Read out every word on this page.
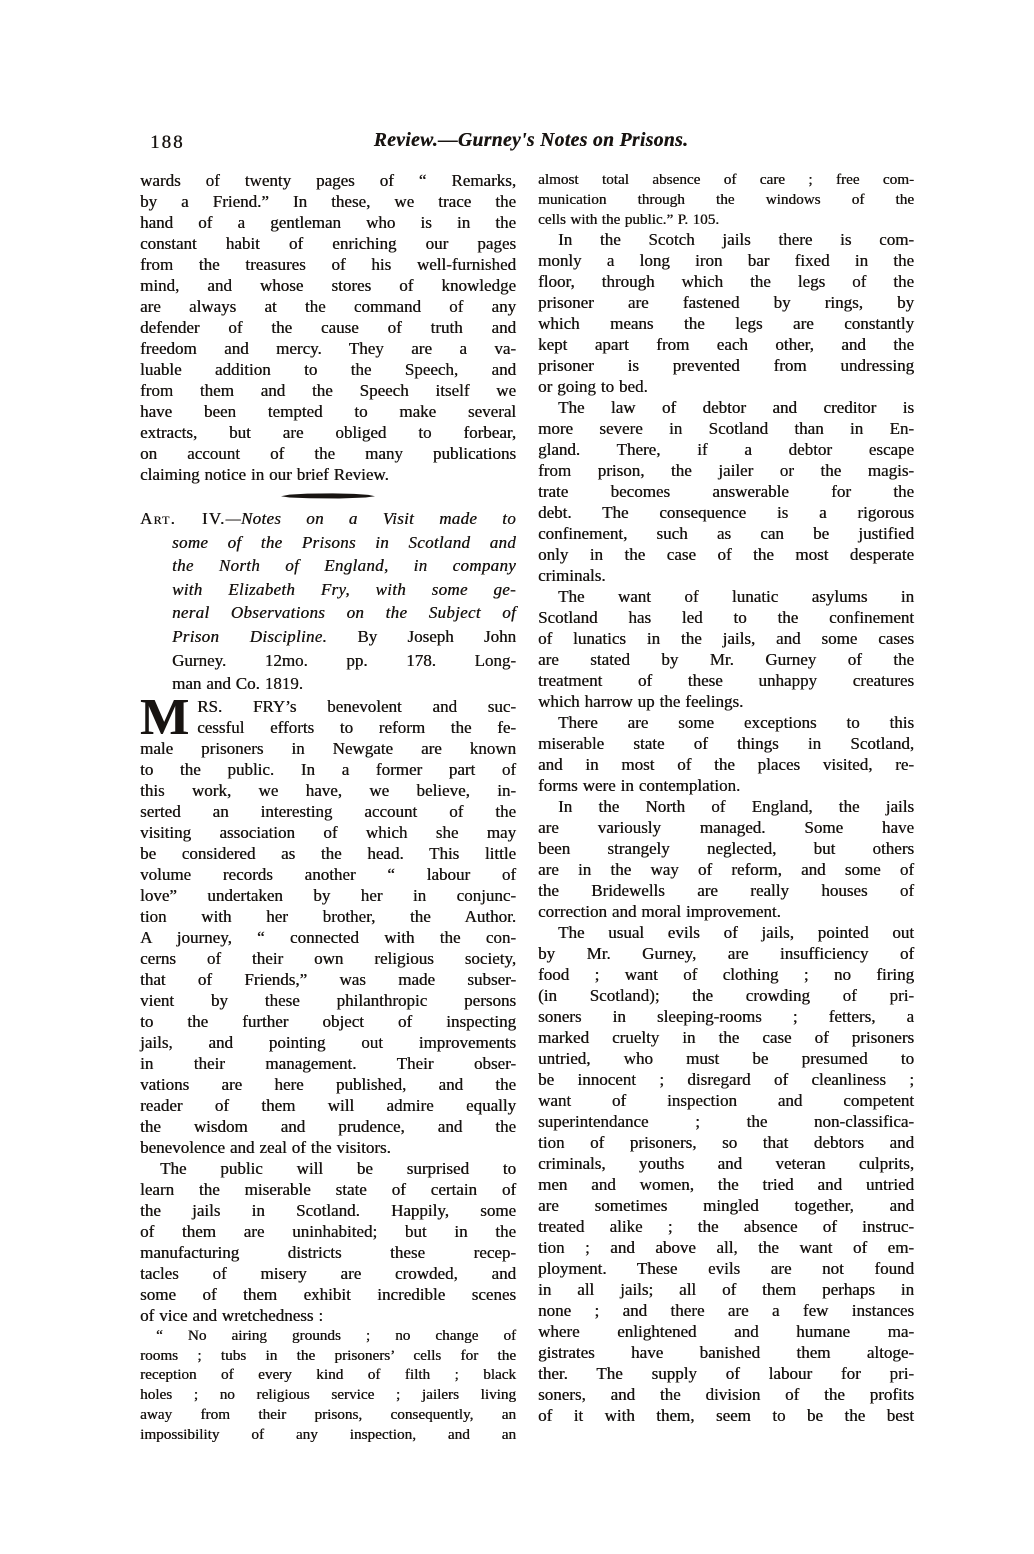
188	Review.—Gurney's Notes on Prisons.
wards of twenty pages of “ Remarks,
by a Friend.” In these, we trace the
hand of a gentleman who is in the
constant habit of enriching our pages
from the treasures of his well-furnished
mind, and whose stores of knowledge
are always at the command of any
defender of the cause of truth and
freedom and mercy. They are a va-
luable addition to the Speech, and
from them and the Speech itself we
have been tempted to make several
extracts, but are obliged to forbear,
on account of the many publications
claiming notice in our brief Review.
Art. IV.—Notes on a Visit made to
some of the Prisons in Scotland and
the North of England, in company
with Elizabeth Fry, with some ge-
neral Observations on the Subject of
Prison Discipline. By Joseph John
Gurney. 12mo. pp. 178. Long-
man and Co. 1819.
M RS. FRY’s benevolent and suc-
cessful efforts to reform the fe-
male prisoners in Newgate are known
to the public. In a former part of
this work, we have, we believe, in-
serted an interesting account of the
visiting association of which she may
be considered as the head. This little
volume records another “ labour of
love” undertaken by her in conjunc-
tion with her brother, the Author.
A journey, “ connected with the con-
cerns of their own religious society,
that of Friends,” was made subser-
vient by these philanthropic persons
to the further object of inspecting
jails, and pointing out improvements
in their management. Their obser-
vations are here published, and the
reader of them will admire equally
the wisdom and prudence, and the
benevolence and zeal of the visitors.
The public will be surprised to
learn the miserable state of certain of
the jails in Scotland. Happily, some
of them are uninhabited; but in the
manufacturing districts these recep-
tacles of misery are crowded, and
some of them exhibit incredible scenes
of vice and wretchedness :
“ No airing grounds ; no change of
rooms ; tubs in the prisoners’ cells for the
reception of every kind of filth ; black
holes ; no religious service ; jailers living
away from their prisons, consequently, an
impossibility of any inspection, and an
almost total absence of care ; free com-
munication through the windows of the
cells with the public.” P. 105.
In the Scotch jails there is com-
monly a long iron bar fixed in the
floor, through which the legs of the
prisoner are fastened by rings, by
which means the legs are constantly
kept apart from each other, and the
prisoner is prevented from undressing
or going to bed.
The law of debtor and creditor is
more severe in Scotland than in En-
gland. There, if a debtor escape
from prison, the jailer or the magis-
trate becomes answerable for the
debt. The consequence is a rigorous
confinement, such as can be justified
only in the case of the most desperate
criminals.
The want of lunatic asylums in
Scotland has led to the confinement
of lunatics in the jails, and some cases
are stated by Mr. Gurney of the
treatment of these unhappy creatures
which harrow up the feelings.
There are some exceptions to this
miserable state of things in Scotland,
and in most of the places visited, re-
forms were in contemplation.
In the North of England, the jails
are variously managed. Some have
been strangely neglected, but others
are in the way of reform, and some of
the Bridewells are really houses of
correction and moral improvement.
The usual evils of jails, pointed out
by Mr. Gurney, are insufficiency of
food ; want of clothing ; no firing
(in Scotland); the crowding of pri-
soners in sleeping-rooms ; fetters, a
marked cruelty in the case of prisoners
untried, who must be presumed to
be innocent ; disregard of cleanliness ;
want of inspection and competent
superintendance ; the non-classifica-
tion of prisoners, so that debtors and
criminals, youths and veteran culprits,
men and women, the tried and untried
are sometimes mingled together, and
treated alike ; the absence of instruc-
tion ; and above all, the want of em-
ployment. These evils are not found
in all jails; all of them perhaps in
none ; and there are a few instances
where enlightened and humane ma-
gistrates have banished them altoge-
ther. The supply of labour for pri-
soners, and the division of the profits
of it with them, seem to be the best
